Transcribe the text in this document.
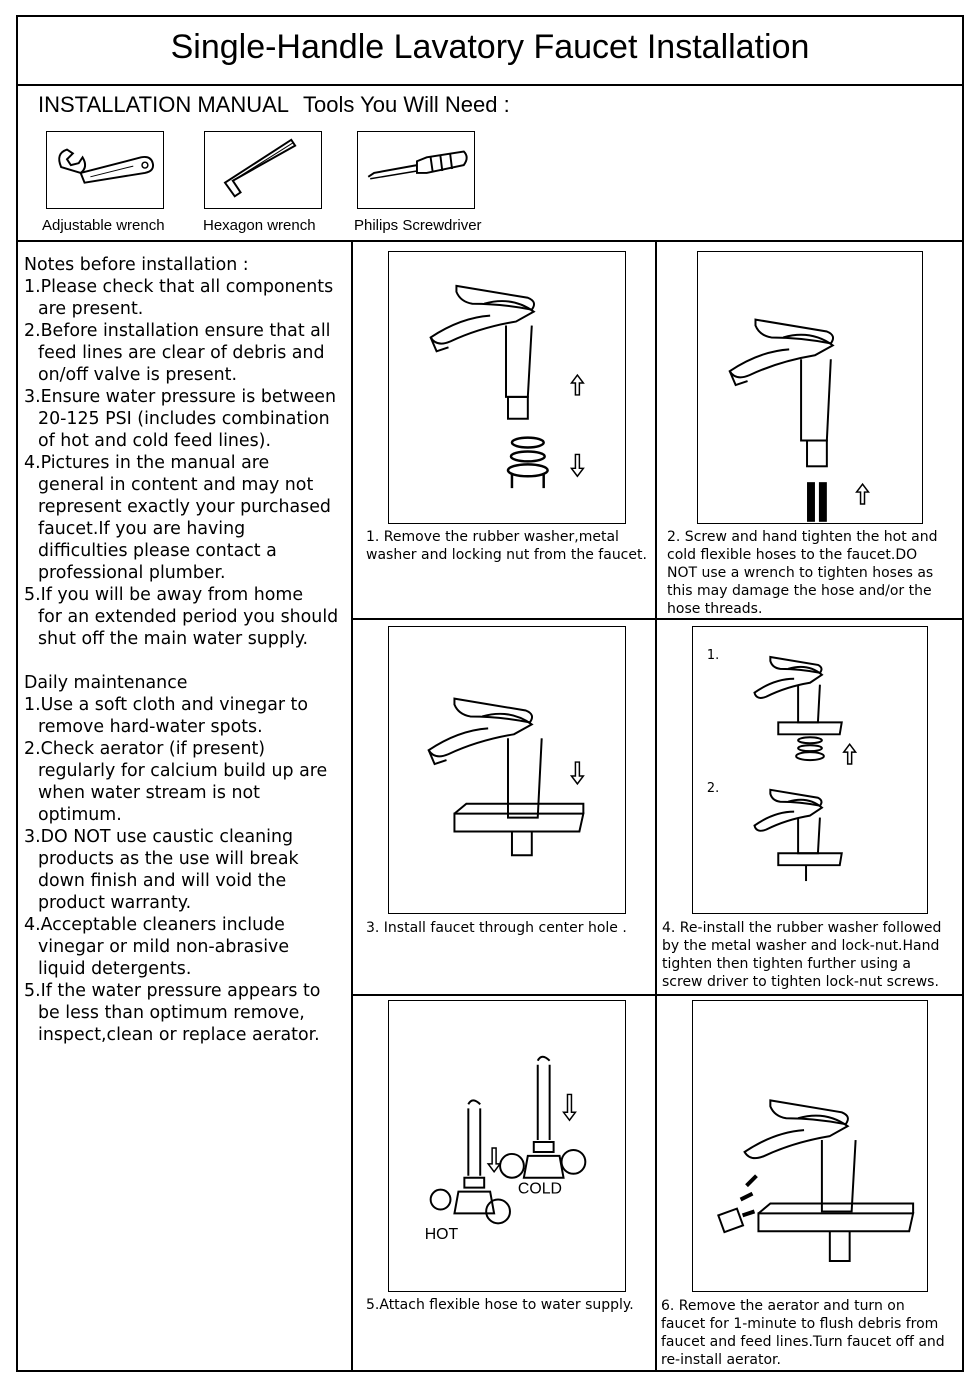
Single-Handle Lavatory Faucet Installation
INSTALLATION MANUAL Tools You Will Need :
Adjustable wrench	Hexagon wrench	Philips Screwdriver
Notes before installation :
1.Please check that all components
are present.
2.Before installation ensure that all
feed lines are clear of debris and
on/off valve is present.
3.Ensure water pressure is between
20-125 PSI (includes combination
of hot and cold feed lines).
4.Pictures in the manual are
general in content and may not
represent exactly your purchased
faucet.If you are having
difficulties please contact a
professional plumber.
5.If you will be away from home
for an extended period you should
shut off the main water supply.
Daily maintenance
1.Use a soft cloth and vinegar to
remove hard-water spots.
2.Check aerator (if present)
regularly for calcium build up are
when water stream is not
optimum.
3.DO NOT use caustic cleaning
products as the use will break
down finish and will void the
product warranty.
4.Acceptable cleaners include
vinegar or mild non-abrasive
liquid detergents.
5.If the water pressure appears to
be less than optimum remove,
inspect,clean or replace aerator.
1. Remove the rubber washer,metal
washer and locking nut from the faucet.
2. Screw and hand tighten the hot and
cold flexible hoses to the faucet.DO
NOT use a wrench to tighten hoses as
this may damage the hose and/or the
hose threads.
3. Install faucet through center hole .
1.
2.
4. Re-install the rubber washer followed
by the metal washer and lock-nut.Hand
tighten then tighten further using a
screw driver to tighten lock-nut screws.
COLD
HOT
5.Attach flexible hose to water supply. 6. Remove the aerator and turn on
faucet for 1-minute to flush debris from
faucet and feed lines.Turn faucet off and
re-install aerator.
